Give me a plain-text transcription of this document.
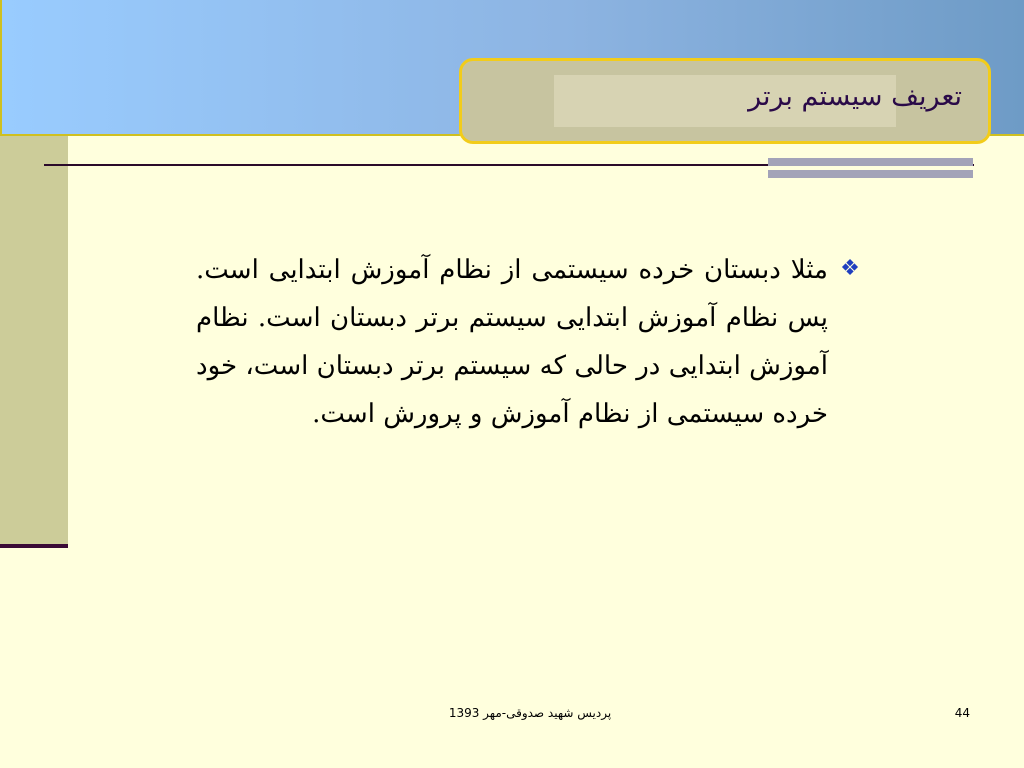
تعریف سیستم برتر
❖
مثلا دبستان خرده سیستمی از نظام آموزش ابتدایی است. پس نظام آموزش ابتدایی سیستم برتر دبستان است. نظام آموزش ابتدایی در حالی که سیستم برتر دبستان است، خود خرده سیستمی از نظام آموزش و پرورش است.
پردیس شهید صدوقی-مهر 1393	44
